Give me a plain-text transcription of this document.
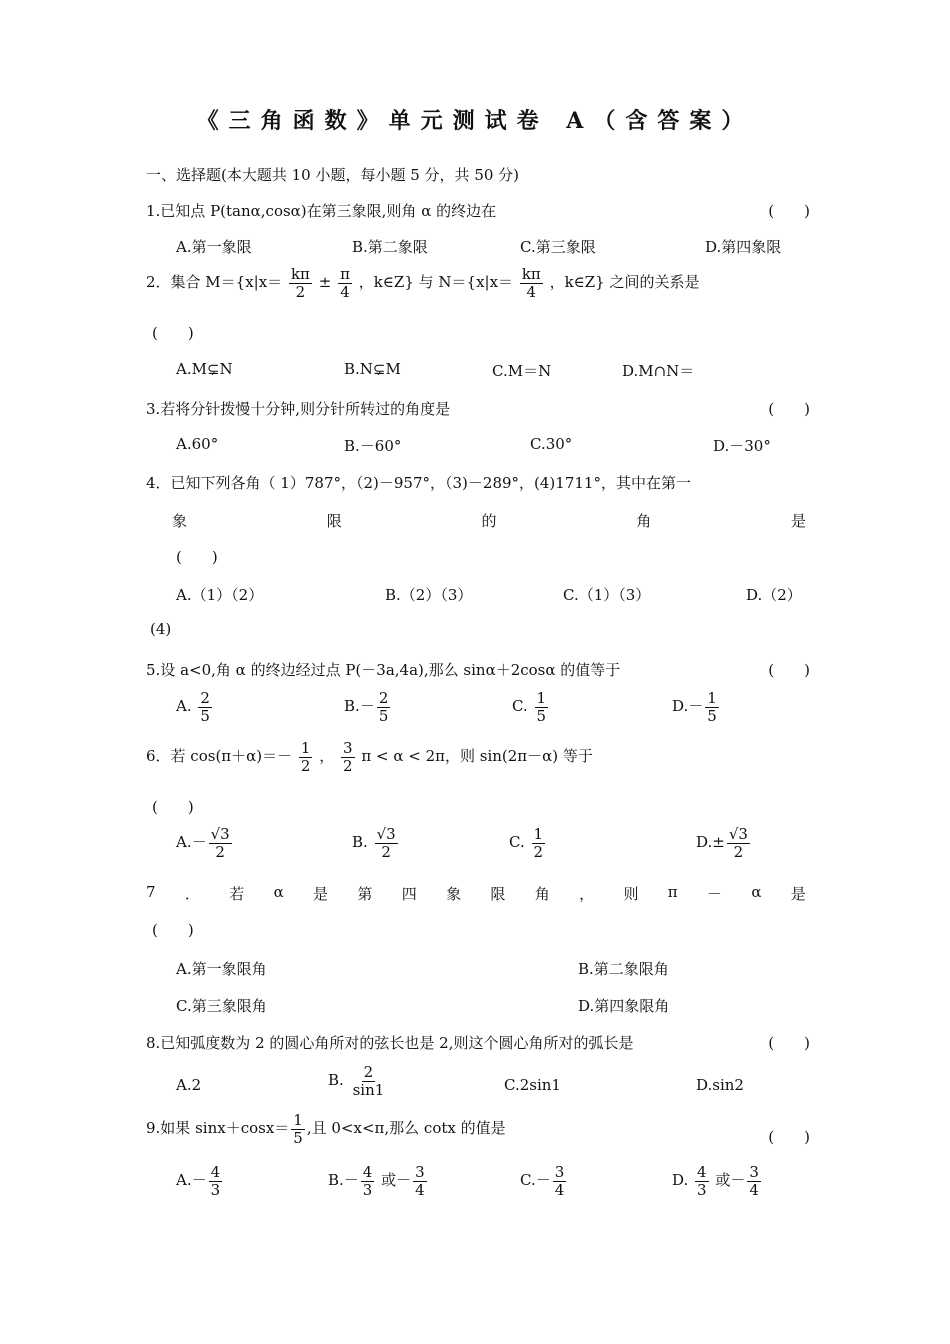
《三角函数》单元测试卷 A（含答案）
一、选择题(本大题共 10 小题，每小题 5 分，共 50 分)
1.已知点 P(tanα,cosα)在第三象限,则角 α 的终边在	(　　)
A.第一象限	B.第二象限	C.第三象限	D.第四象限
2．集合 $M=\{x|x= \frac{k\pi}{2} \pm \frac{\pi}{4}$ ，k∈Z} 与 $N=\{x|x= \frac{k\pi}{4}$ ，k∈Z} 之间的关系是
(　　)
A.M⊊N	B.N⊊M	C.M＝N	D.M∩N＝
3.若将分针拨慢十分钟,则分针所转过的角度是	(　　)
A.60°	B.－60°	C.30°	D.－30°
4．已知下列各角（ 1）787°，（2)－957°，（3)－289°，(4)1711°，其中在第一
象	限	的	角	是
(　　)
A.（1）（2）	B.（2）（3）	C.（1）（3）	D.（2）
(4)
5.设 a<0,角 α 的终边经过点 P(－3a,4a),那么 sinα＋2cosα 的值等于	(　　)
A. $\frac{2}{5}$	$B.- \frac{2}{5}$	C. $\frac{1}{5}$	$D.- \frac{1}{5}$
6．若 $\cos(\pi+\alpha)=- \frac{1}{2}$ ， $\frac{3}{2}$ π < α < 2π，则 sin(2π－α) 等于
(　　)
$A.- \frac{√3}{2}$	B. $\frac{√3}{2}$	C. $\frac{1}{2}$	$D.\pm \frac{√3}{2}$
7 ． 若 α 是 第 四 象 限 角 ， 则 π － α 是
(　　)
A.第一象限角	B.第二象限角
C.第三象限角	D.第四象限角
8.已知弧度数为 2 的圆心角所对的弦长也是 2,则这个圆心角所对的弧长是	(　　)
A.2	B. $\frac{2}{\sin 1}$	C.2sin1	D.sin2
9.如果 $\sin x+\cos x= \frac{1}{5}$ ,且 0<x<π,那么 cotx 的值是	(　　)
$A.- \frac{4}{3}$	$B.- \frac{4}{3}$ 或－ $\frac{3}{4}$	$C.- \frac{3}{4}$	D. $\frac{4}{3}$ 或－ $\frac{3}{4}$
